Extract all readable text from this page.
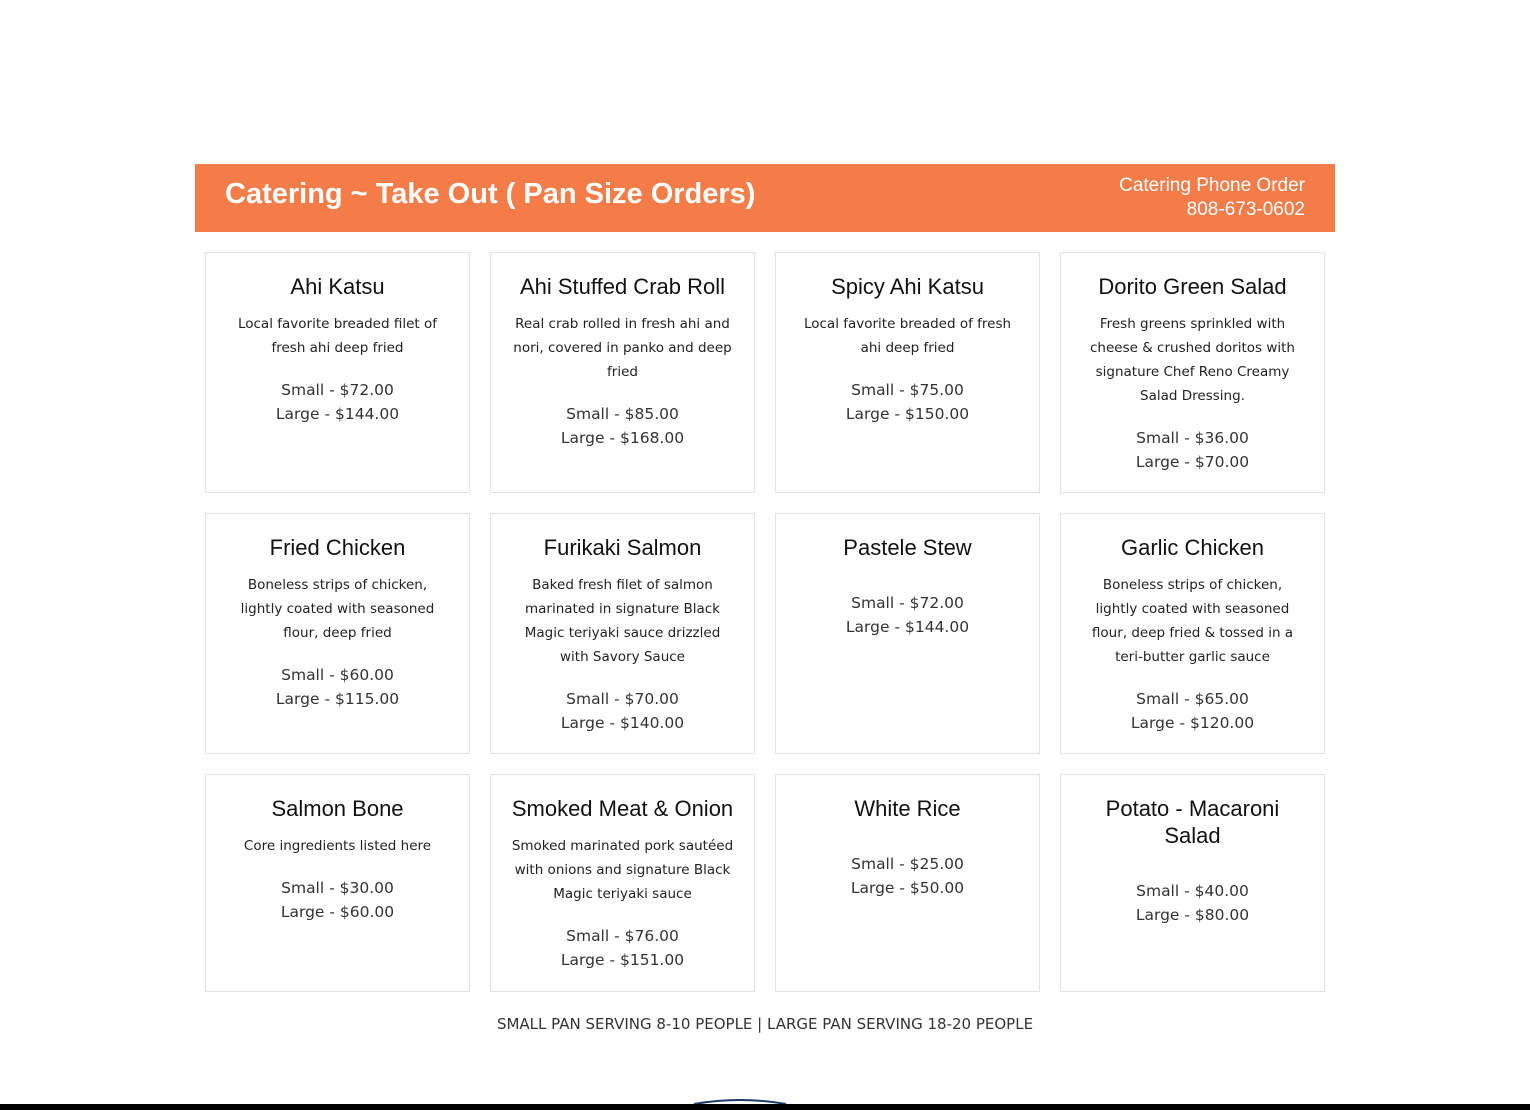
Catering ~ Take Out ( Pan Size Orders)	Catering Phone Order
808-673-0602
Ahi Katsu

Local favorite breaded filet of fresh ahi deep fried

Small - $72.00
Large - $144.00
Ahi Stuffed Crab Roll

Real crab rolled in fresh ahi and nori, covered in panko and deep fried

Small - $85.00
Large - $168.00
Spicy Ahi Katsu

Local favorite breaded of fresh ahi deep fried

Small - $75.00
Large - $150.00
Dorito Green Salad

Fresh greens sprinkled with cheese & crushed doritos with signature Chef Reno Creamy Salad Dressing.

Small - $36.00
Large - $70.00
Fried Chicken

Boneless strips of chicken, lightly coated with seasoned flour, deep fried

Small - $60.00
Large - $115.00
Furikaki Salmon

Baked fresh filet of salmon marinated in signature Black Magic teriyaki sauce drizzled with Savory Sauce

Small - $70.00
Large - $140.00
Pastele Stew
Small - $72.00
Large - $144.00
Garlic Chicken

Boneless strips of chicken, lightly coated with seasoned flour, deep fried & tossed in a teri-butter garlic sauce

Small - $65.00
Large - $120.00
Salmon Bone

Core ingredients listed here

Small - $30.00
Large - $60.00
Smoked Meat & Onion

Smoked marinated pork sautéed with onions and signature Black Magic teriyaki sauce

Small - $76.00
Large - $151.00
White Rice
Small - $25.00
Large - $50.00
Potato - Macaroni Salad
Small - $40.00
Large - $80.00
SMALL PAN SERVING 8-10 PEOPLE | LARGE PAN SERVING 18-20 PEOPLE
